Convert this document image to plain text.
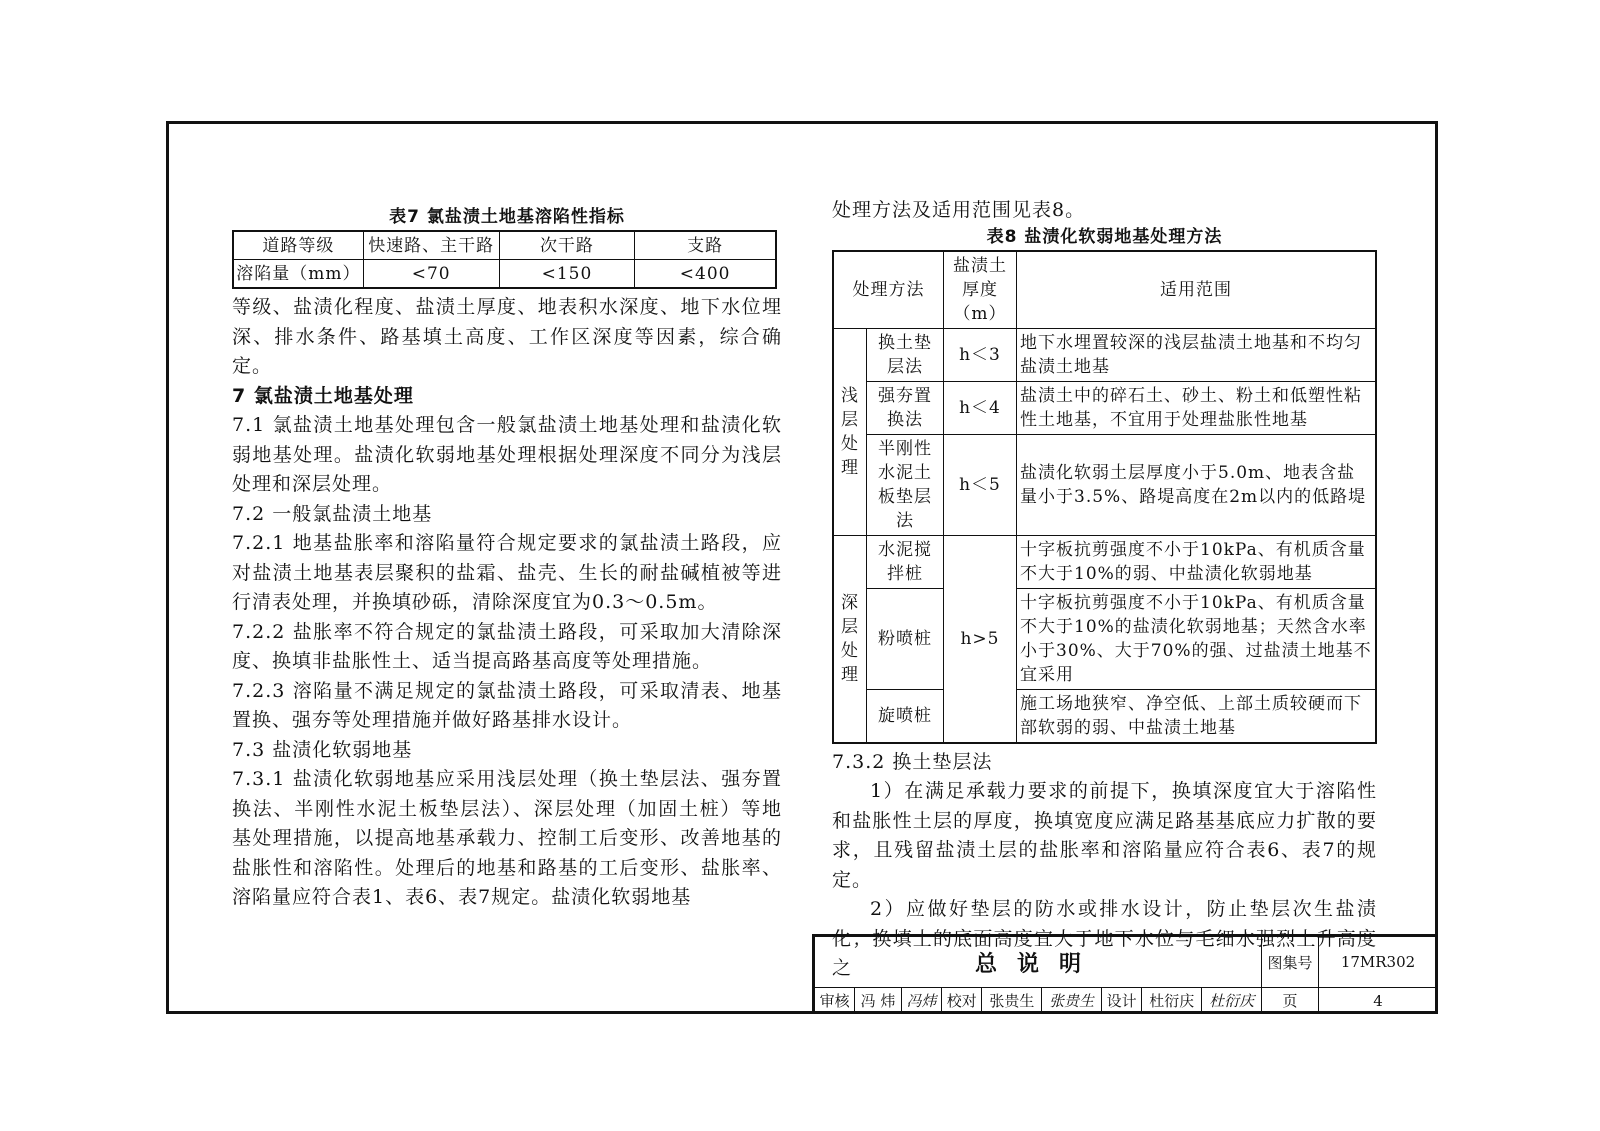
表7 氯盐渍土地基溶陷性指标
道路等级	快速路、主干路	次干路	支路
溶陷量（mm）	<70	<150	<400

等级、盐渍化程度、盐渍土厚度、地表积水深度、地下水位埋深、排水条件、路基填土高度、工作区深度等因素，综合确定。

7 氯盐渍土地基处理

7.1 氯盐渍土地基处理包含一般氯盐渍土地基处理和盐渍化软弱地基处理。盐渍化软弱地基处理根据处理深度不同分为浅层处理和深层处理。

7.2 一般氯盐渍土地基

7.2.1 地基盐胀率和溶陷量符合规定要求的氯盐渍土路段，应对盐渍土地基表层聚积的盐霜、盐壳、生长的耐盐碱植被等进行清表处理，并换填砂砾，清除深度宜为0.3～0.5m。

7.2.2 盐胀率不符合规定的氯盐渍土路段，可采取加大清除深度、换填非盐胀性土、适当提高路基高度等处理措施。

7.2.3 溶陷量不满足规定的氯盐渍土路段，可采取清表、地基置换、强夯等处理措施并做好路基排水设计。

7.3 盐渍化软弱地基

7.3.1 盐渍化软弱地基应采用浅层处理（换土垫层法、强夯置换法、半刚性水泥土板垫层法）、深层处理（加固土桩）等地基处理措施，以提高地基承载力、控制工后变形、改善地基的盐胀性和溶陷性。处理后的地基和路基的工后变形、盐胀率、溶陷量应符合表1、表6、表7规定。盐渍化软弱地基

处理方法及适用范围见表8。

表8 盐渍化软弱地基处理方法
处理方法		盐渍土厚度（m）	适用范围
浅层处理	换土垫层法	h＜3	地下水埋置较深的浅层盐渍土地基和不均匀盐渍土地基
	强夯置换法	h＜4	盐渍土中的碎石土、砂土、粉土和低塑性粘性土地基，不宜用于处理盐胀性地基
	半刚性水泥土板垫层法	h＜5	盐渍化软弱土层厚度小于5.0m、地表含盐量小于3.5%、路堤高度在2m以内的低路堤
深层处理	水泥搅拌桩	h>5	十字板抗剪强度不小于10kPa、有机质含量不大于10%的弱、中盐渍化软弱地基
	粉喷桩		十字板抗剪强度不小于10kPa、有机质含量不大于10%的盐渍化软弱地基；天然含水率小于30%、大于70%的强、过盐渍土地基不宜采用
	旋喷桩		施工场地狭窄、净空低、上部土质较硬而下部软弱的弱、中盐渍土地基

7.3.2 换土垫层法

1）在满足承载力要求的前提下，换填深度宜大于溶陷性和盐胀性土层的厚度，换填宽度应满足路基基底应力扩散的要求，且残留盐渍土层的盐胀率和溶陷量应符合表6、表7的规定。

2）应做好垫层的防水或排水设计，防止垫层次生盐渍化；换填土的底面高度宜大于地下水位与毛细水强烈上升高度之	总说明									图集号	17MR302
审核	冯 炜	冯炜	校对	张贵生	张贵生	设计	杜衍庆	杜衍庆	页	4
